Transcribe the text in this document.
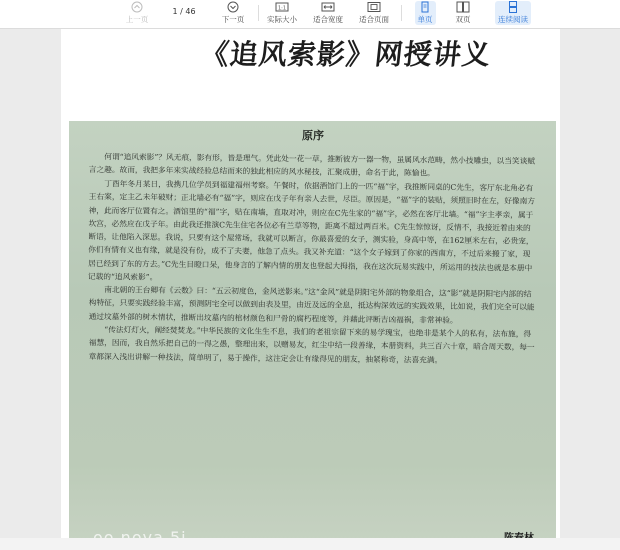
上一页
1 / 46
下一页
1:1
实际大小	适合宽度	适合页面	单页	双页	连续阅读
《追风索影》网授讲义
原序

何谓“追风索影”？风无痕，影有形，皆是理气。凭此处一花一草，推断彼方一器一物，虽属风水范畴，然小技雕虫，以当笑谈赋言之趣。故而，我把多年来实战经验总结而来的独此相应的风水秘技，汇聚成册，命名于此，陈愉也。

丁酉年冬月某日，我携几位学员到福建福州考察。午餐时，依据酒馆门上的一匹“福”字，我推断同桌的C先生，客厅东北角必有王右案，定主乙未年破财；正北墙必有“福”字，则应在戊子年有亲人去世，尽臣。原因是，“福”字的装贴，须照旧时在左，好像南方神，此而客厅位置有之。酒馆里的“福”字，贴在南墙，直取对冲，则应在C先生家的“福”字，必然在客厅北墙。“福”字主孝亲，属于坎宫，必然应在戊子年。由此我还推演C先生住宅各位必有兰草等物，距离不超过两百米。C先生惊惊讶，反情不，我接近着由来的断语，让他陷入深思。我说，只要有这个屋常场，我就可以断言，你最喜爱的女子，测实验，身高中等，在162厘米左右，必贵宠，你们有情有义也有缘，就是没有份，成不了夫妻，他急了点头。我又补充道：“这个女子嫁到了你家的西南方，不过后来搬了家，现居已经到了东的方去。”C先生目瞪口呆，他身言的了解内情的朋友也登起大拇指，我在这次玩易实践中，所运用的技法也就是本册中记载的“追风索影”。

南北朝的王台卿有《云数》曰：“五云初度色，金风送影来。”这“金风”就是阴阳宅外部的物象组合，这“影”就是阴阳宅内部的结构特征，只要实践经验丰富，预测阴宅全可以做到由表及里，由近及远的全息，抵达构深效远的实践效果，比如说，我们完全可以能通过坟墓外部的树木情状，推断出坟墓内的棺材颜色和尸骨的腐朽程度等，并藉此评断吉凶福祸，非常神验。

“传法灯灯火，阐经焚焚龙。”中华民族的文化生生不息，我们的老祖宗留下来的易学瑰宝，也绝非是某个人的私有，法布施，得福慧，因而，我自然乐把自己的一得之愚，整理出来，以赠易友，红尘中结一段善缘，本册资料，共三百六十章，暗合周天数，每一章都深入浅出讲解一种技法，简单明了，易于操作，这注定会让有缘得见的朋友，抽紧称奇，法喜充满。
